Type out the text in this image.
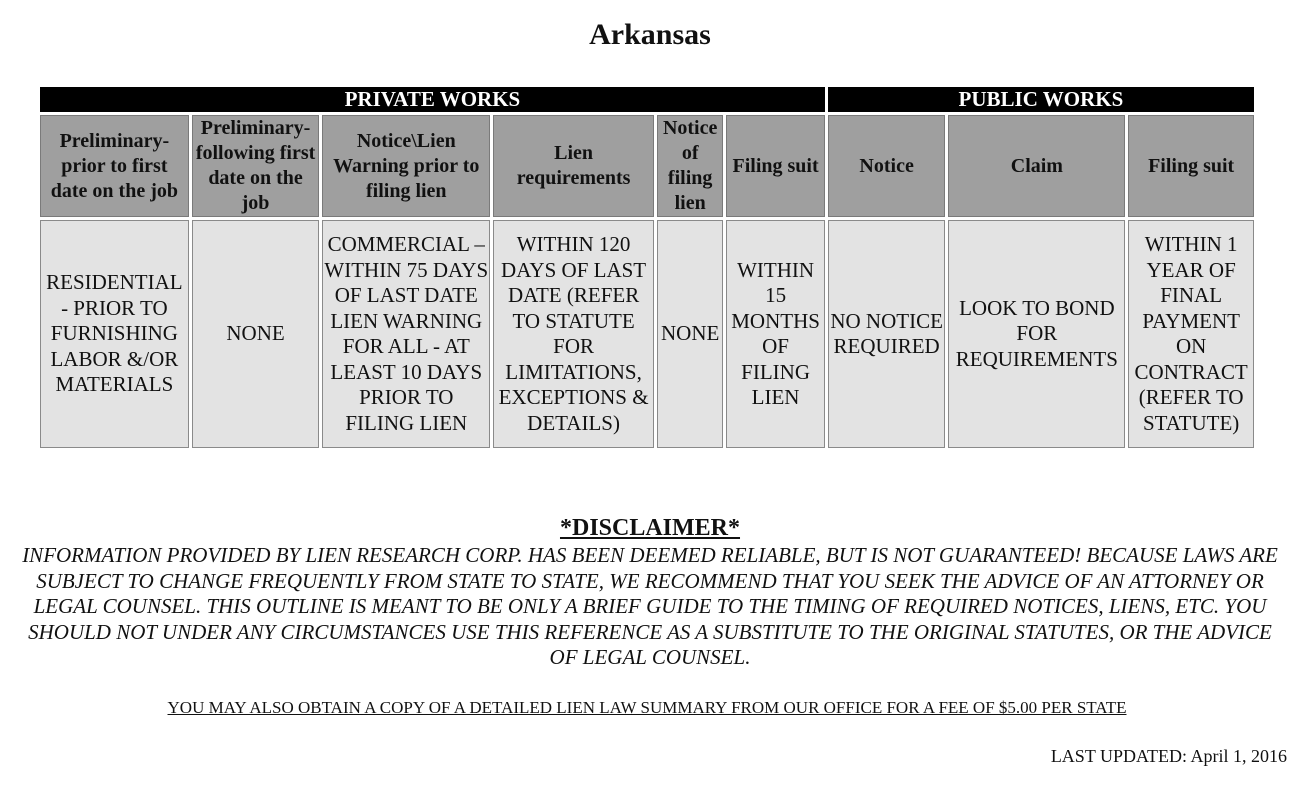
Arkansas
PRIVATE WORKS						PUBLIC WORKS		
Preliminary-prior to first date on the job	Preliminary-following first date on the job	Notice\Lien Warning prior to filing lien	Lien requirements	Notice of filing lien	Filing suit	Notice	Claim	Filing suit
RESIDENTIAL - PRIOR TO FURNISHING LABOR &/OR MATERIALS	NONE	COMMERCIAL – WITHIN 75 DAYS OF LAST DATE LIEN WARNING FOR ALL - AT LEAST 10 DAYS PRIOR TO FILING LIEN	WITHIN 120 DAYS OF LAST DATE (REFER TO STATUTE FOR LIMITATIONS, EXCEPTIONS & DETAILS)	NONE	WITHIN 15 MONTHS OF FILING LIEN	NO NOTICE REQUIRED	LOOK TO BOND FOR REQUIREMENTS	WITHIN 1 YEAR OF FINAL PAYMENT ON CONTRACT (REFER TO STATUTE)
*DISCLAIMER*
INFORMATION PROVIDED BY LIEN RESEARCH CORP. HAS BEEN DEEMED RELIABLE, BUT IS NOT GUARANTEED! BECAUSE LAWS ARE SUBJECT TO CHANGE FREQUENTLY FROM STATE TO STATE, WE RECOMMEND THAT YOU SEEK THE ADVICE OF AN ATTORNEY OR LEGAL COUNSEL. THIS OUTLINE IS MEANT TO BE ONLY A BRIEF GUIDE TO THE TIMING OF REQUIRED NOTICES, LIENS, ETC. YOU SHOULD NOT UNDER ANY CIRCUMSTANCES USE THIS REFERENCE AS A SUBSTITUTE TO THE ORIGINAL STATUTES, OR THE ADVICE OF LEGAL COUNSEL.
YOU MAY ALSO OBTAIN A COPY OF A DETAILED LIEN LAW SUMMARY FROM OUR OFFICE FOR A FEE OF $5.00 PER STATE
LAST UPDATED: April 1, 2016
